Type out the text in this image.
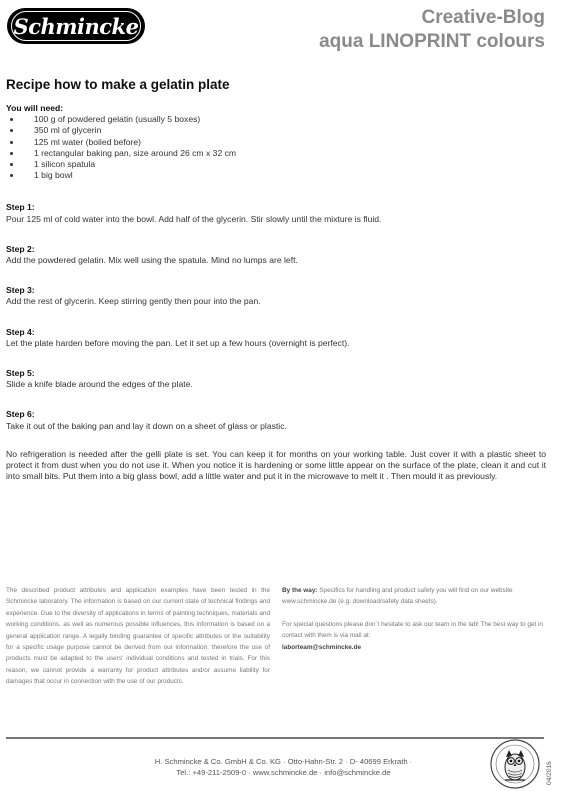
Schmincke	Creative-Blog
aqua LINOPRINT colours
Recipe how to make a gelatin plate
You will need:
• 100 g of powdered gelatin (usually 5 boxes)
• 350 ml of glycerin
• 125 ml water (boiled before)
• 1 rectangular baking pan, size around 26 cm x 32 cm
• 1 silicon spatula
• 1 big bowl
Step 1:
Pour 125 ml of cold water into the bowl. Add half of the glycerin. Stir slowly until the mixture is fluid.
Step 2:
Add the powdered gelatin. Mix well using the spatula. Mind no lumps are left.
Step 3:
Add the rest of glycerin. Keep stirring gently then pour into the pan.
Step 4:
Let the plate harden before moving the pan. Let it set up a few hours (overnight is perfect).
Step 5:
Slide a knife blade around the edges of the plate.
Step 6:
Take it out of the baking pan and lay it down on a sheet of glass or plastic.
No refrigeration is needed after the gelli plate is set. You can keep it for months on your working table. Just cover it with a plastic sheet to protect it from dust when you do not use it. When you notice it is hardening or some little appear on the surface of the plate, clean it and cut it into small bits. Put them into a big glass bowl, add a little water and put it in the microwave to melt it . Then mould it as previously.
The described product attributes and application examples have been tested in the Schmincke laboratory. The information is based on our current state of technical findings and experience. Due to the diversity of applications in terms of painting techniques, materials and working conditions, as well as numerous possible influences, this information is based on a general application range. A legally binding guarantee of specific attributes or the suitability for a specific usage purpose cannot be derived from our information; therefore the use of products must be adapted to the users' individual conditions and tested in trials. For this reason, we cannot provide a warranty for product attributes and/or assume liability for damages that occur in connection with the use of our products.
By the way: Specifics for handling and product safety you will find on our website www.schmincke.de (e.g. download/safety data sheets).
For special questions please don´t hesitate to ask our team in the lab! The best way to get in contact with them is via mail at:
laborteam@schmincke.de
H. Schmincke & Co. GmbH & Co. KG · Otto-Hahn-Str. 2 · D- 40699 Erkrath ·
Tel.: +49-211-2509-0 · www.schmincke.de · info@schmincke.de	04/2016
